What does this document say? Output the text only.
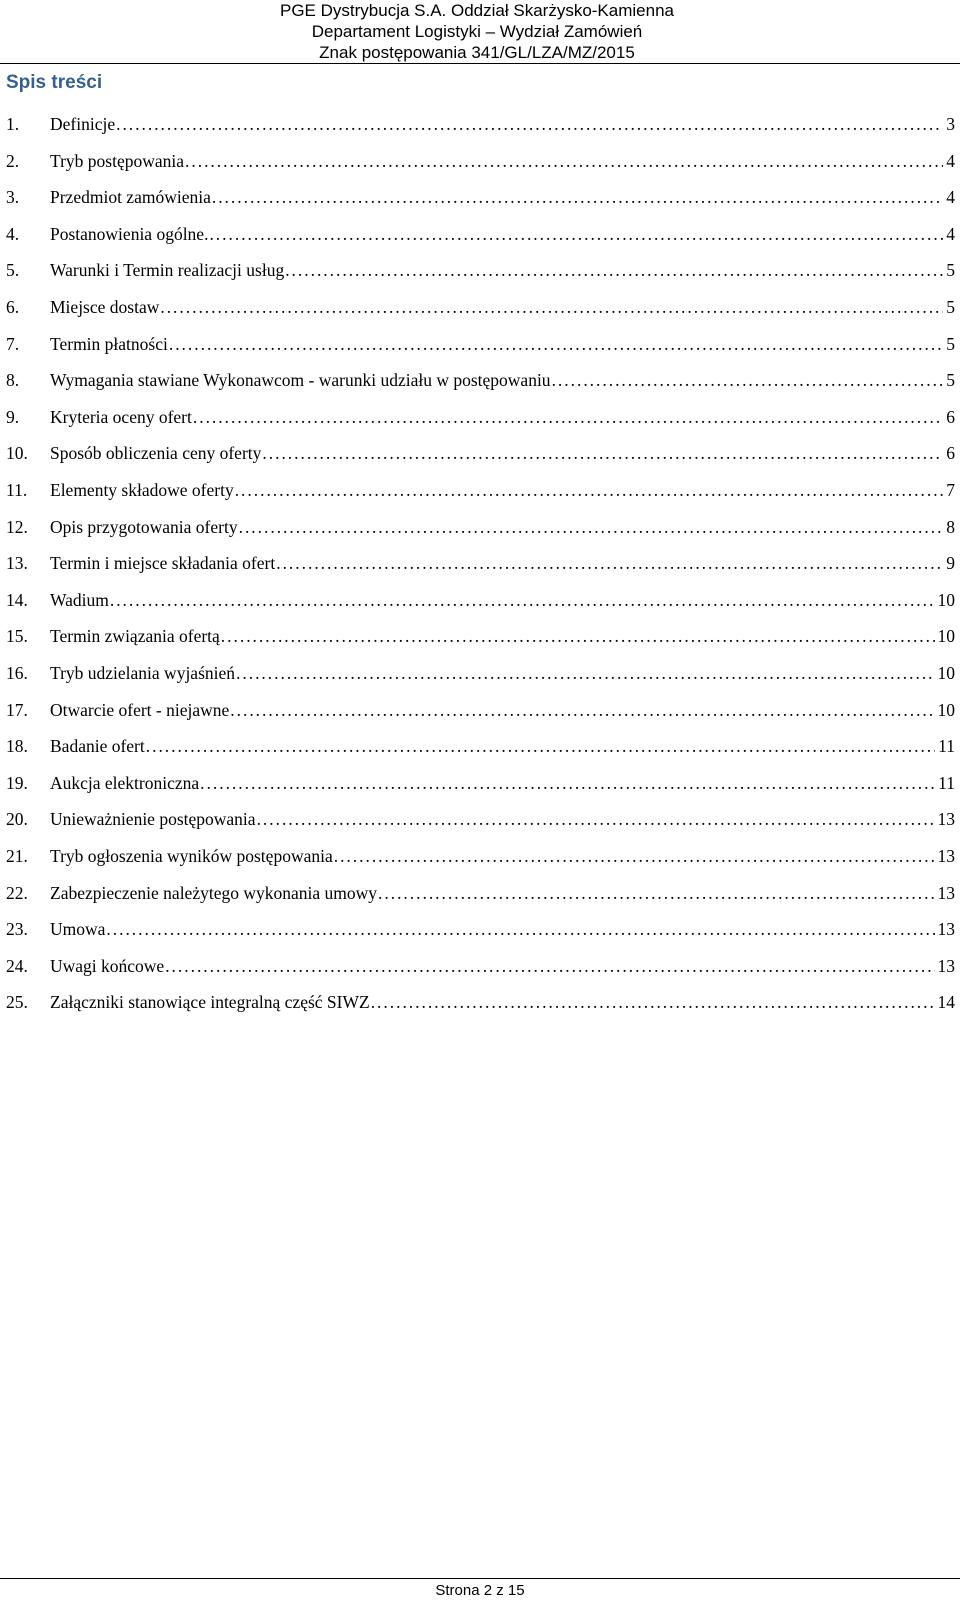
PGE Dystrybucja S.A. Oddział Skarżysko-Kamienna
Departament Logistyki – Wydział Zamówień
Znak postępowania 341/GL/LZA/MZ/2015
Spis treści
1. Definicje . . .	3
2. Tryb postępowania . . .	4
3. Przedmiot zamówienia . . .	4
4. Postanowienia ogólne. . . .	4
5. Warunki i Termin realizacji usług . . .	5
6. Miejsce dostaw . . .	5
7. Termin płatności . . .	5
8. Wymagania stawiane Wykonawcom - warunki udziału w postępowaniu . . .	5
9. Kryteria oceny ofert . . .	6
10. Sposób obliczenia ceny oferty . . .	6
11. Elementy składowe oferty . . .	7
12. Opis przygotowania oferty . . .	8
13. Termin i miejsce składania ofert . . .	9
14. Wadium . . .	10
15. Termin związania ofertą . . .	10
16. Tryb udzielania wyjaśnień . . .	10
17. Otwarcie ofert - niejawne . . .	10
18. Badanie ofert . . .	11
19. Aukcja elektroniczna . . .	11
20. Unieważnienie postępowania . . .	13
21. Tryb ogłoszenia wyników postępowania . . .	13
22. Zabezpieczenie należytego wykonania umowy . . .	13
23. Umowa . . .	13
24. Uwagi końcowe . . .	13
25. Załączniki stanowiące integralną część SIWZ . . .	14
Strona 2 z 15
